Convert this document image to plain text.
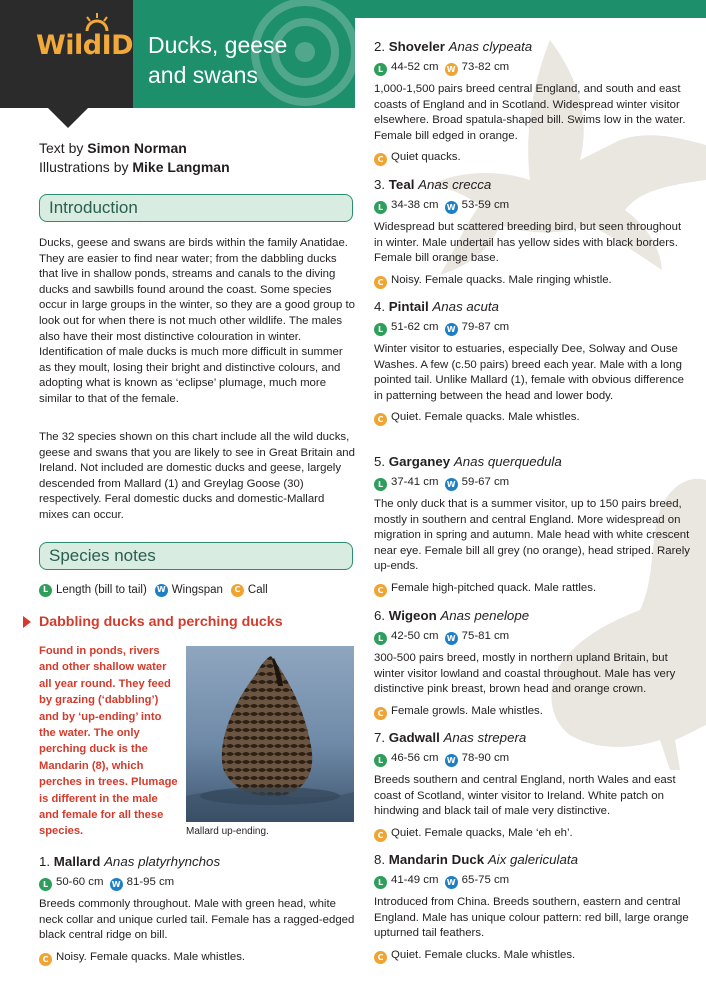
WildID Ducks, geese
and swans
Text by Simon Norman
Illustrations by Mike Langman
Introduction
Ducks, geese and swans are birds within the family Anatidae. They are easier to find near water; from the dabbling ducks that live in shallow ponds, streams and canals to the diving ducks and sawbills found around the coast. Some species occur in large groups in the winter, so they are a good group to look out for when there is not much other wildlife. The males also have their most distinctive colouration in winter. Identification of male ducks is much more difficult in summer as they moult, losing their bright and distinctive colours, and adopting what is known as ‘eclipse’ plumage, much more similar to that of the female.
The 32 species shown on this chart include all the wild ducks, geese and swans that you are likely to see in Great Britain and Ireland. Not included are domestic ducks and geese, largely descended from Mallard (1) and Greylag Goose (30) respectively. Feral domestic ducks and domestic-Mallard mixes can occur.
Species notes
L Length (bill to tail) W Wingspan	C Call
Dabbling ducks and perching ducks
Found in ponds, rivers and other shallow water all year round. They feed by grazing (‘dabbling’) and by ‘up-ending’ into the water. The only perching duck is the Mandarin (8), which perches in trees. Plumage is different in the male and female for all these species.	Mallard up-ending.
1. Mallard Anas platyrhynchos
L 50-60 cm W 81-95 cm
Breeds commonly throughout. Male with green head, white neck collar and unique curled tail. Female has a ragged-edged black central ridge on bill.
C Noisy. Female quacks. Male whistles.
2. Shoveler Anas clypeata
L 44-52 cm W 73-82 cm
1,000-1,500 pairs breed central England, and south and east coasts of England and in Scotland. Widespread winter visitor elsewhere. Broad spatula-shaped bill. Swims low in the water. Female bill edged in orange.
C Quiet quacks.
3. Teal Anas crecca
L 34-38 cm W 53-59 cm
Widespread but scattered breeding bird, but seen throughout in winter. Male undertail has yellow sides with black borders. Female bill orange base.
C Noisy. Female quacks. Male ringing whistle.
4. Pintail Anas acuta
L 51-62 cm W 79-87 cm
Winter visitor to estuaries, especially Dee, Solway and Ouse Washes. A few (c.50 pairs) breed each year. Male with a long pointed tail. Unlike Mallard (1), female with obvious difference in patterning between the head and lower body.
C Quiet. Female quacks. Male whistles.
5. Garganey Anas querquedula
L 37-41 cm W 59-67 cm
The only duck that is a summer visitor, up to 150 pairs breed, mostly in southern and central England. More widespread on migration in spring and autumn. Male head with white crescent near eye. Female bill all grey (no orange), head striped. Rarely up-ends.
C Female high-pitched quack. Male rattles.
6. Wigeon Anas penelope
L 42-50 cm W 75-81 cm
300-500 pairs breed, mostly in northern upland Britain, but winter visitor lowland and coastal throughout. Male has very distinctive pink breast, brown head and orange crown.
C Female growls. Male whistles.
7. Gadwall Anas strepera
L 46-56 cm W 78-90 cm
Breeds southern and central England, north Wales and east coast of Scotland, winter visitor to Ireland. White patch on hindwing and black tail of male very distinctive.
C Quiet. Female quacks, Male ‘eh eh’.
8. Mandarin Duck Aix galericulata
L 41-49 cm W 65-75 cm
Introduced from China. Breeds southern, eastern and central England. Male has unique colour pattern: red bill, large orange upturned tail feathers.
C Quiet. Female clucks. Male whistles.
